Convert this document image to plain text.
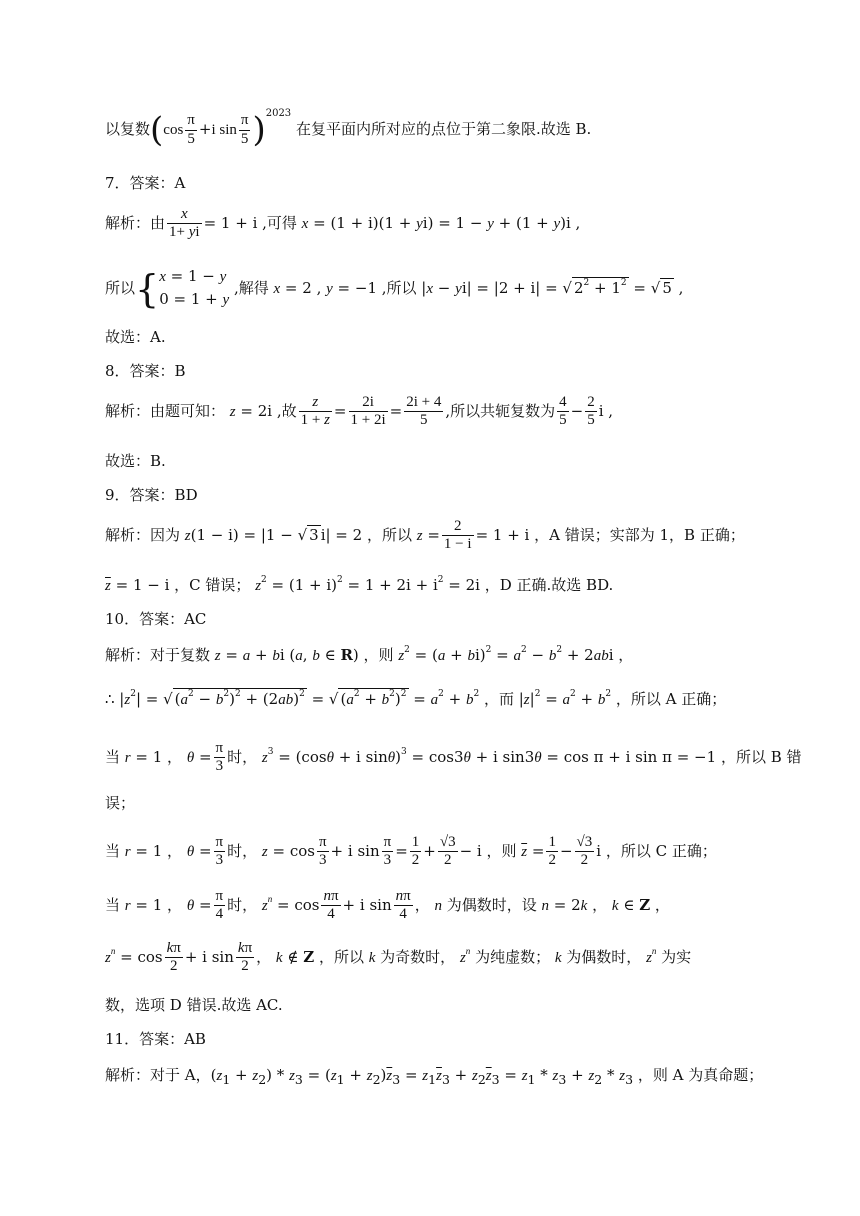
以复数($\cos \frac{\pi}{5} +i$ $\sin \frac{\pi}{5} )^{2023}$ 在复平面内所对应的点位于第二象限.故选 B.
7．答案：A
解析：由 $\frac{x}{1+ yi} = 1 + i$ ,可得 x = (1 + i)(1 + yi) = 1 − y + (1 + y)i ,
所以{x = 1 − y
0 = 1 + y ,解得 x = 2 , y = −1 ,所以 |x − yi| = |2 + i| = √ $2^2 + 1^2$ = √ 5 ,
故选：A.
8．答案：B
解析：由题可知： z = 2i ,故 $\frac{z}{1 + z} = \frac{2i}{1 + 2i} = \frac{2i + 4}{5}$ ,所以共轭复数为 $\frac{4}{5} - \frac{2}{5}$ i ,
故选：B.
9．答案：BD
解析：因为 z(1 − i) = |1 − √ 3 i| = 2 ，所以 $z = \frac{2}{1 - i} = 1 + i$ ，A 错误；实部为 1，B 正确；
$\overline{z} = 1 - i$ ，C 错误； $z^2 = (1 + i)^2 = 1 + 2i + i^2 = 2i$ ，D 正确.故选 BD.
10．答案：AC
解析：对于复数 z = a + bi (a, b ∈ R) ，则 $z^2 = (a + bi)^2 = a^2 - b^2 + 2abi$ ，
∴ $|z^2|$ = √ $(a^2 - b^2)^2 + (2ab)^2$ = √ $(a^2 + b^2)^2 = a^2 + b^2$ ，而 $|z|^2 = a^2 + b^2$ ，所以 A 正确；
当 r = 1 ， $\theta = \frac{\pi}{3}$ 时， $z^3 = (\cos\theta + i$ sinθ)$^3$ = cos3θ + i sin3θ = cos π + i sin π = −1 ，所以 B 错
误；
当 r = 1 ， $\theta = \frac{\pi}{3}$ 时， $z = \cos \frac{\pi}{3} + i$ $\sin \frac{\pi}{3} = \frac{1}{2} + \frac{√3}{2} - i$ ，则 $\overline{z} = \frac{1}{2} - \frac{√3}{2}$ i ，所以 C 正确；
当 r = 1 ， $\theta = \frac{\pi}{4}$ 时， $z^n = \cos \frac{n\pi}{4} + i$ $\sin \frac{n\pi}{4}$ ， n 为偶数时，设 n = 2k ， k ∈ Z ，
$z^n = \cos \frac{k\pi}{2} + i$ $\sin \frac{k\pi}{2}$ ， k ∉ Z ，所以 k 为奇数时， $z^n$ 为纯虚数； k 为偶数时， $z^n$ 为实
数，选项 D 错误.故选 AC.
11．答案：AB
解析：对于 A，$(z_1 + z_2) * z_3 = (z_1 + z_2)\overline{z}_3 = z_1\overline{z}_3 + z_2\overline{z}_3 = z_1 * z_3 + z_2 * z_3$ ，则 A 为真命题；
